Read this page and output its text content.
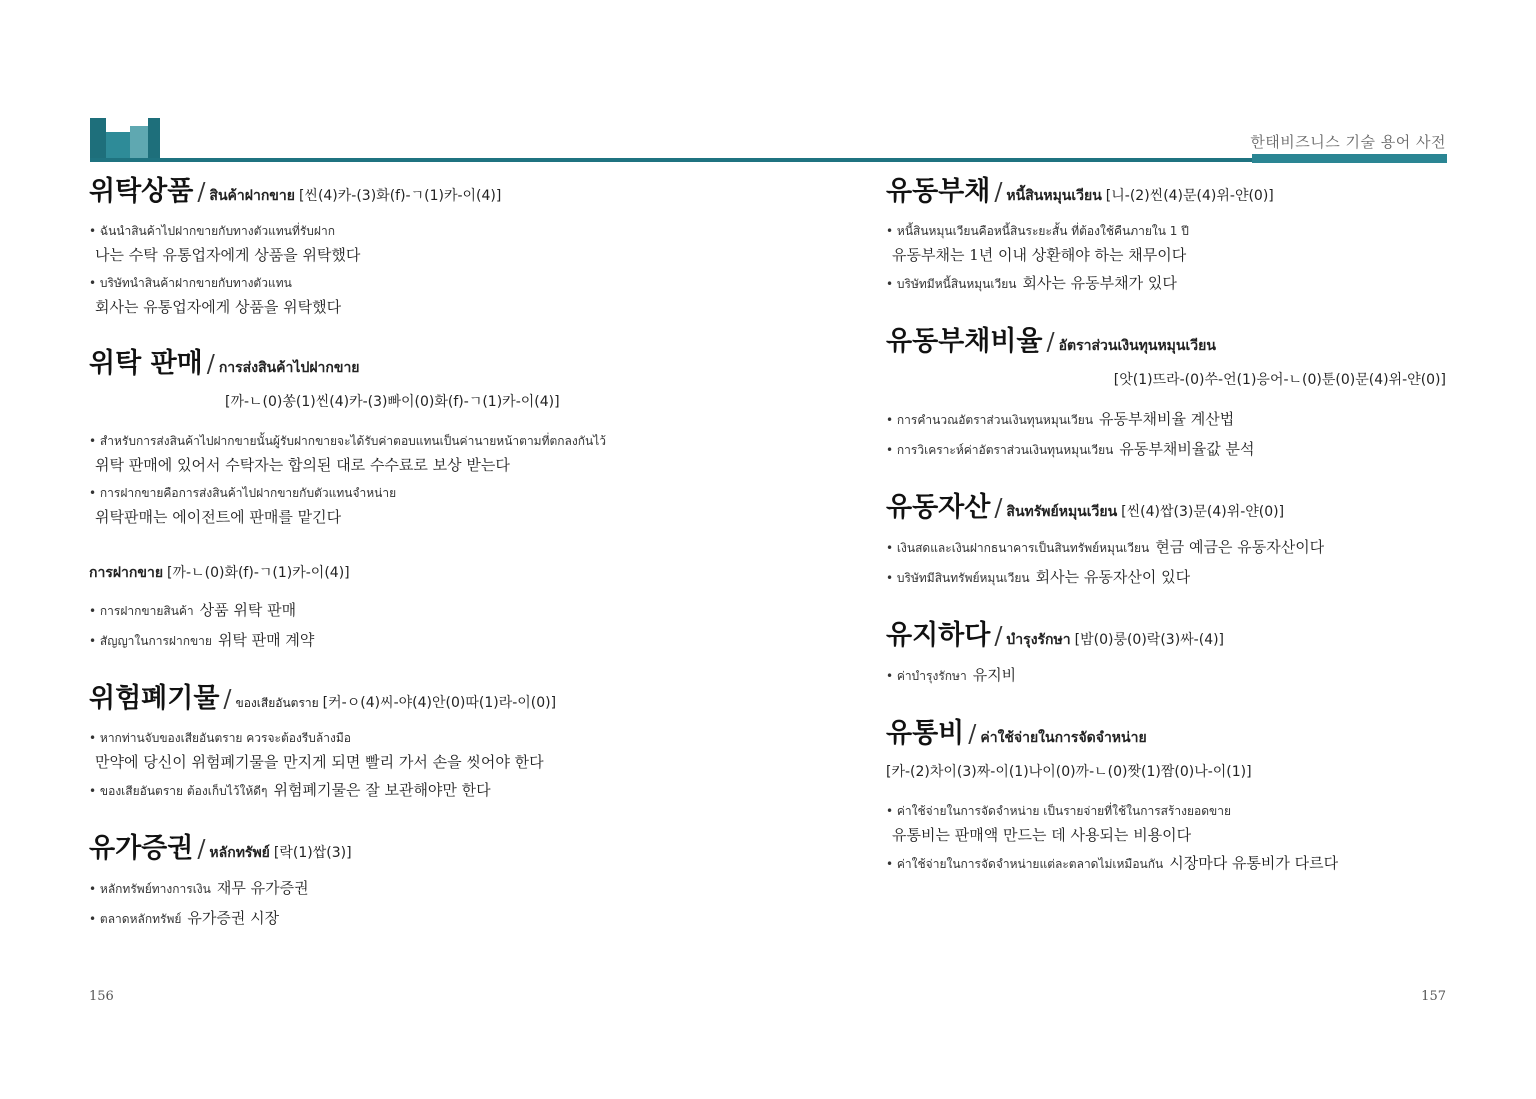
한태비즈니스 기술 용어 사전
위탁상품 / สินค้าฝากขาย [씬(4)카-(3)화(f)-ㄱ(1)카-이(4)]
• ฉันนำสินค้าไปฝากขายกับทางตัวแทนที่รับฝาก
나는 수탁 유통업자에게 상품을 위탁했다
• บริษัทนำสินค้าฝากขายกับทางตัวแทน
회사는 유통업자에게 상품을 위탁했다
위탁 판매 / การส่งสินค้าไปฝากขาย
[까-ㄴ(0)쏭(1)씬(4)카-(3)빠이(0)화(f)-ㄱ(1)카-이(4)]
• สำหรับการส่งสินค้าไปฝากขายนั้นผู้รับฝากขายจะได้รับค่าตอบแทนเป็นค่านายหน้าตามที่ตกลงกันไว้
위탁 판매에 있어서 수탁자는 합의된 대로 수수료로 보상 받는다
• การฝากขายคือการส่งสินค้าไปฝากขายกับตัวแทนจำหน่าย
위탁판매는 에이전트에 판매를 맡긴다
การฝากขาย [까-ㄴ(0)화(f)-ㄱ(1)카-이(4)]
• การฝากขายสินค้า 상품 위탁 판매
• สัญญาในการฝากขาย 위탁 판매 계약
위험폐기물 / ของเสียอันตราย [커-ㅇ(4)씨-야(4)안(0)따(1)라-이(0)]
• หากท่านจับของเสียอันตราย ควรจะต้องรีบล้างมือ
만약에 당신이 위험폐기물을 만지게 되면 빨리 가서 손을 씻어야 한다
• ของเสียอันตราย ต้องเก็บไว้ให้ดีๆ 위험폐기물은 잘 보관해야만 한다
유가증권 / หลักทรัพย์ [락(1)쌉(3)]
• หลักทรัพย์ทางการเงิน 재무 유가증권
• ตลาดหลักทรัพย์ 유가증권 시장
유동부채 / หนี้สินหมุนเวียน [니-(2)씬(4)문(4)위-얀(0)]
• หนี้สินหมุนเวียนคือหนี้สินระยะสั้น ที่ต้องใช้คืนภายใน 1 ปี
유동부채는 1년 이내 상환해야 하는 채무이다
• บริษัทมีหนี้สินหมุนเวียน 회사는 유동부채가 있다
유동부채비율 / อัตราส่วนเงินทุนหมุนเวียน
[앗(1)뜨라-(0)쑤-언(1)응어-ㄴ(0)툰(0)문(4)위-얀(0)]
• การคำนวณอัตราส่วนเงินทุนหมุนเวียน 유동부채비율 계산법
• การวิเคราะห์ค่าอัตราส่วนเงินทุนหมุนเวียน 유동부채비율값 분석
유동자산 / สินทรัพย์หมุนเวียน [씬(4)쌉(3)문(4)위-얀(0)]
• เงินสดและเงินฝากธนาคารเป็นสินทรัพย์หมุนเวียน 현금 예금은 유동자산이다
• บริษัทมีสินทรัพย์หมุนเวียน 회사는 유동자산이 있다
유지하다 / บำรุงรักษา [밤(0)룽(0)락(3)싸-(4)]
• ค่าบำรุงรักษา 유지비
유통비 / ค่าใช้จ่ายในการจัดจำหน่าย
[카-(2)차이(3)짜-이(1)나이(0)까-ㄴ(0)짯(1)짬(0)나-이(1)]
• ค่าใช้จ่ายในการจัดจำหน่าย เป็นรายจ่ายที่ใช้ในการสร้างยอดขาย
유통비는 판매액 만드는 데 사용되는 비용이다
• ค่าใช้จ่ายในการจัดจำหน่ายแต่ละตลาดไม่เหมือนกัน 시장마다 유통비가 다르다
156	157
